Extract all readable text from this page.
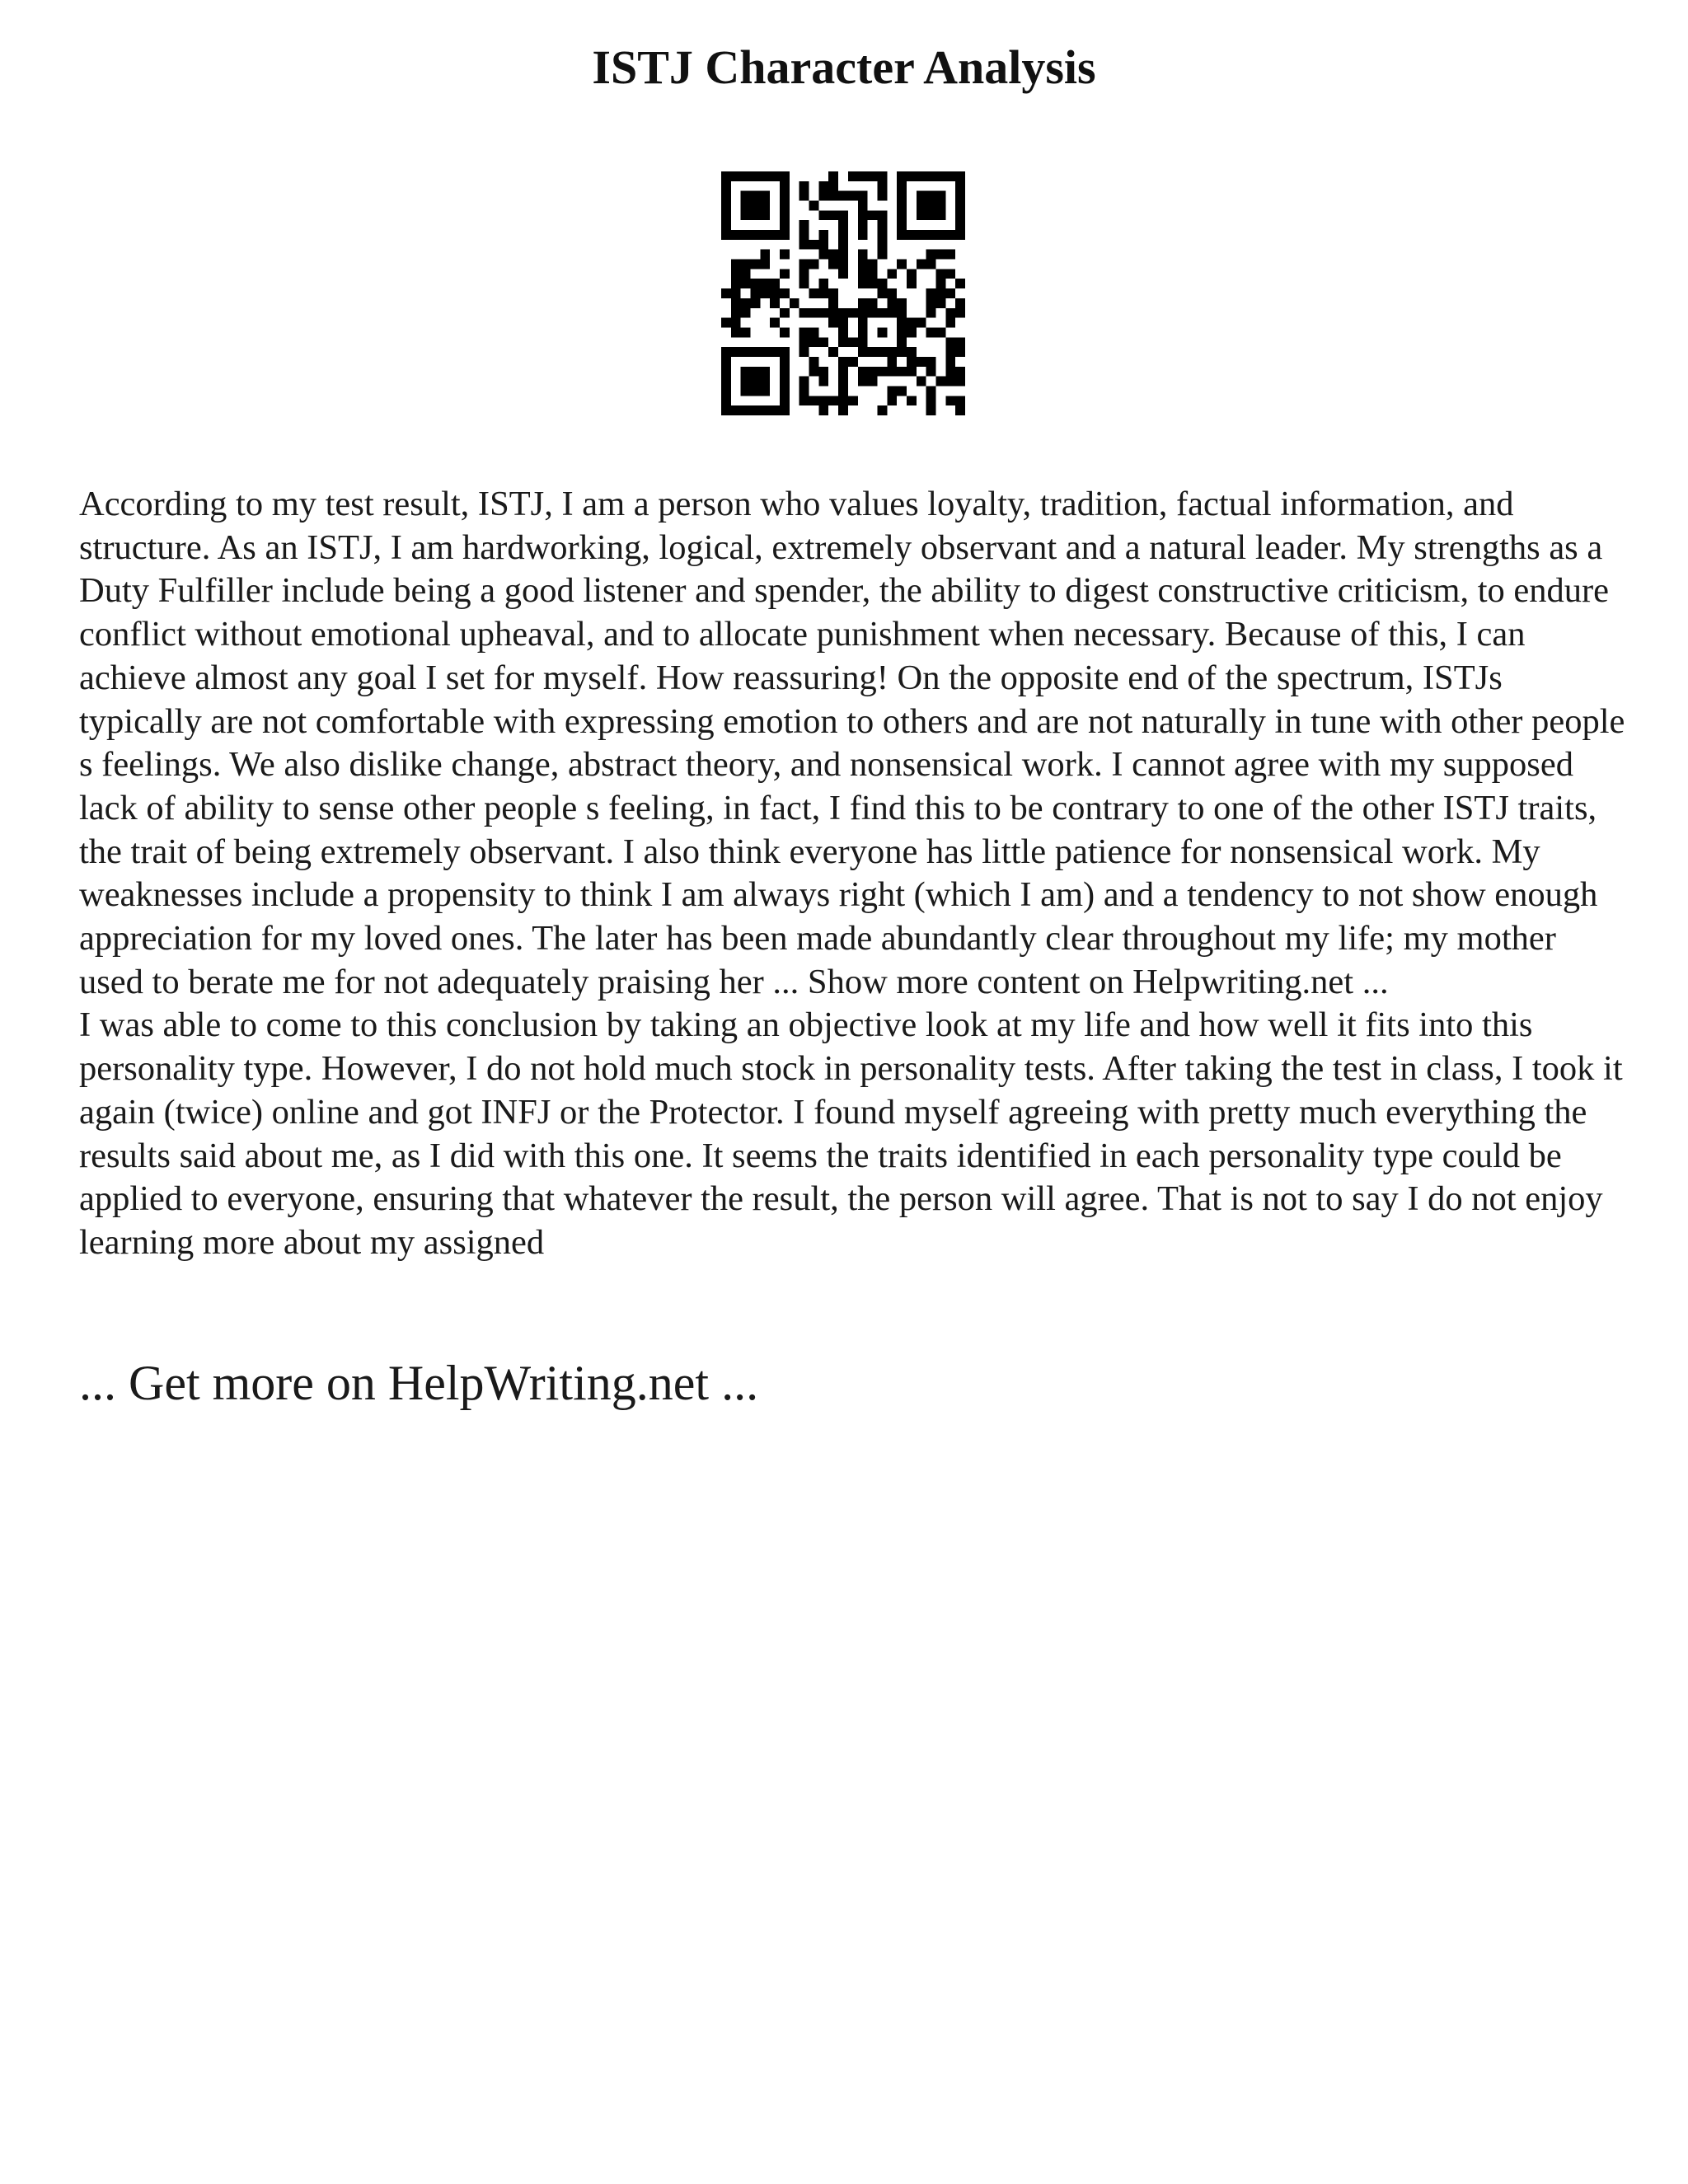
ISTJ Character Analysis

According to my test result, ISTJ, I am a person who values loyalty, tradition, factual information, and structure. As an ISTJ, I am hardworking, logical, extremely observant and a natural leader. My strengths as a Duty Fulfiller include being a good listener and spender, the ability to digest constructive criticism, to endure conflict without emotional upheaval, and to allocate punishment when necessary. Because of this, I can achieve almost any goal I set for myself. How reassuring! On the opposite end of the spectrum, ISTJs typically are not comfortable with expressing emotion to others and are not naturally in tune with other people s feelings. We also dislike change, abstract theory, and nonsensical work. I cannot agree with my supposed lack of ability to sense other people s feeling, in fact, I find this to be contrary to one of the other ISTJ traits, the trait of being extremely observant. I also think everyone has little patience for nonsensical work. My weaknesses include a propensity to think I am always right (which I am) and a tendency to not show enough appreciation for my loved ones. The later has been made abundantly clear throughout my life; my mother used to berate me for not adequately praising her ... Show more content on Helpwriting.net ...

I was able to come to this conclusion by taking an objective look at my life and how well it fits into this personality type. However, I do not hold much stock in personality tests. After taking the test in class, I took it again (twice) online and got INFJ or the Protector. I found myself agreeing with pretty much everything the results said about me, as I did with this one. It seems the traits identified in each personality type could be applied to everyone, ensuring that whatever the result, the person will agree. That is not to say I do not enjoy learning more about my assigned

... Get more on HelpWriting.net ...
